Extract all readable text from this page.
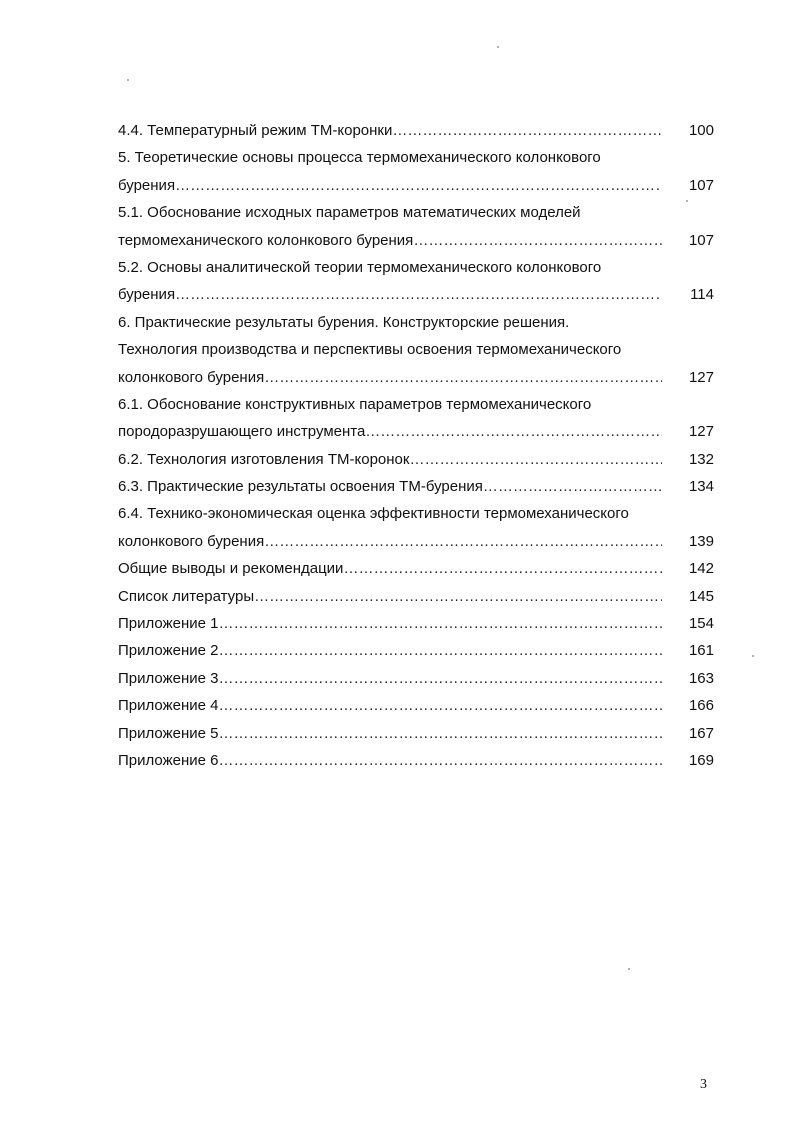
4.4. Температурный режим ТМ-коронки ……………………………………………………………………………………………………………………………………………………………………………………………………………………………………	100
5. Теоретические основы процесса термомеханического колонкового
бурения ……………………………………………………………………………………………………………………………………………………………………………………………………………………………………	107
5.1. Обоснование исходных параметров математических моделей
термомеханического колонкового бурения ……………………………………………………………………………………………………………………………………………………………………………………………………………………………………	107
5.2. Основы аналитической теории термомеханического колонкового
бурения ……………………………………………………………………………………………………………………………………………………………………………………………………………………………………	114
6. Практические результаты бурения. Конструкторские решения.
Технология производства и перспективы освоения термомеханического
колонкового бурения ……………………………………………………………………………………………………………………………………………………………………………………………………………………………………	127
6.1. Обоснование конструктивных параметров термомеханического
породоразрушающего инструмента ……………………………………………………………………………………………………………………………………………………………………………………………………………………………………	127
6.2. Технология изготовления ТМ-коронок ……………………………………………………………………………………………………………………………………………………………………………………………………………………………………	132
6.3. Практические результаты освоения ТМ-бурения ……………………………………………………………………………………………………………………………………………………………………………………………………………………………………	134
6.4. Технико-экономическая оценка эффективности термомеханического
колонкового бурения ……………………………………………………………………………………………………………………………………………………………………………………………………………………………………	139
Общие выводы и рекомендации ……………………………………………………………………………………………………………………………………………………………………………………………………………………………………	142
Список литературы ……………………………………………………………………………………………………………………………………………………………………………………………………………………………………	145
Приложение 1 ……………………………………………………………………………………………………………………………………………………………………………………………………………………………………	154
Приложение 2 ……………………………………………………………………………………………………………………………………………………………………………………………………………………………………	161
Приложение 3 ……………………………………………………………………………………………………………………………………………………………………………………………………………………………………	163
Приложение 4 ……………………………………………………………………………………………………………………………………………………………………………………………………………………………………	166
Приложение 5 ……………………………………………………………………………………………………………………………………………………………………………………………………………………………………	167
Приложение 6 ……………………………………………………………………………………………………………………………………………………………………………………………………………………………………	169
3
